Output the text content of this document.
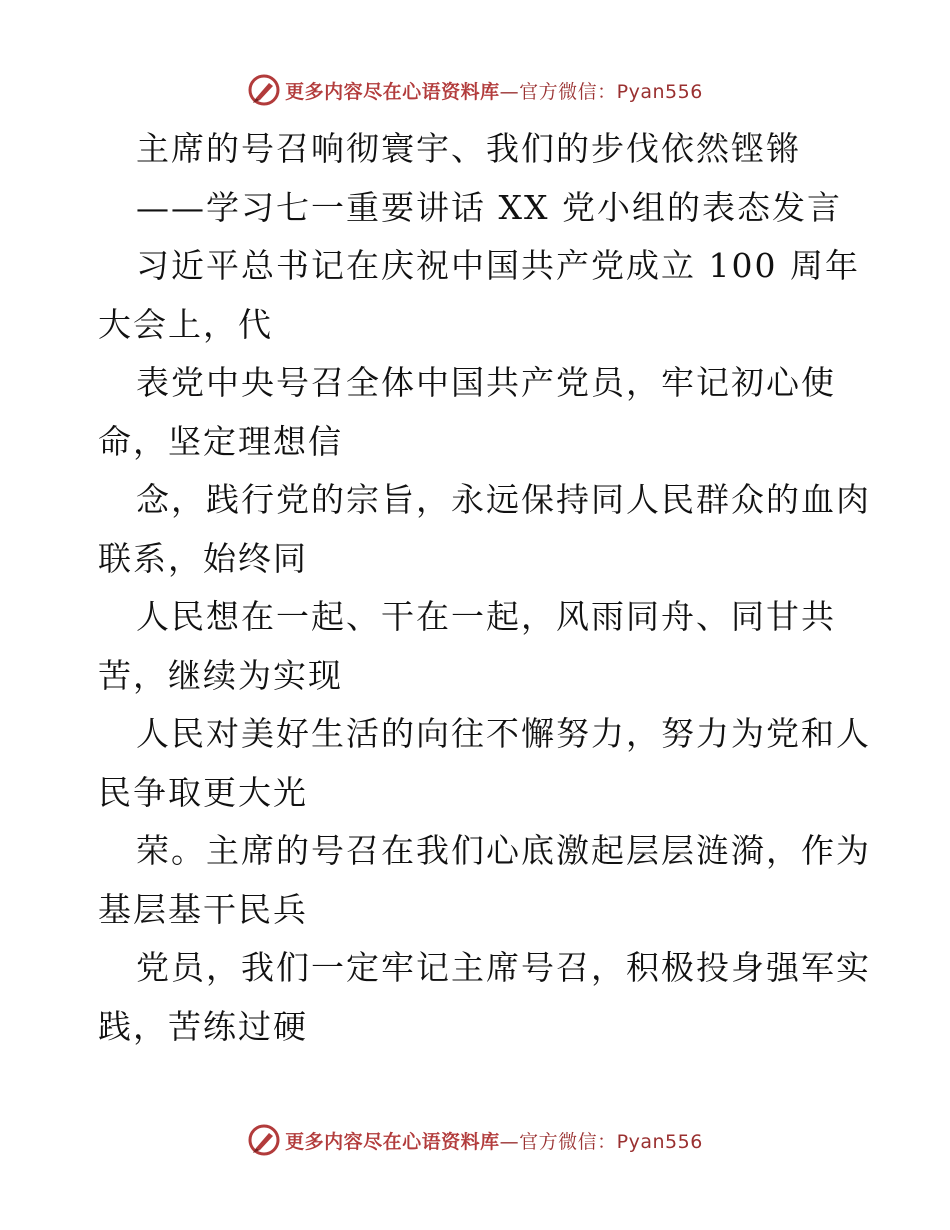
更多内容尽在心语资料库—官方微信：Pyan556
主席的号召响彻寰宇、我们的步伐依然铿锵
——学习七一重要讲话 XX 党小组的表态发言
习近平总书记在庆祝中国共产党成立 100 周年
大会上，代
表党中央号召全体中国共产党员，牢记初心使
命，坚定理想信
念，践行党的宗旨，永远保持同人民群众的血肉
联系，始终同
人民想在一起、干在一起，风雨同舟、同甘共
苦，继续为实现
人民对美好生活的向往不懈努力，努力为党和人
民争取更大光
荣。主席的号召在我们心底激起层层涟漪，作为
基层基干民兵
党员，我们一定牢记主席号召，积极投身强军实
践，苦练过硬
更多内容尽在心语资料库—官方微信：Pyan556
